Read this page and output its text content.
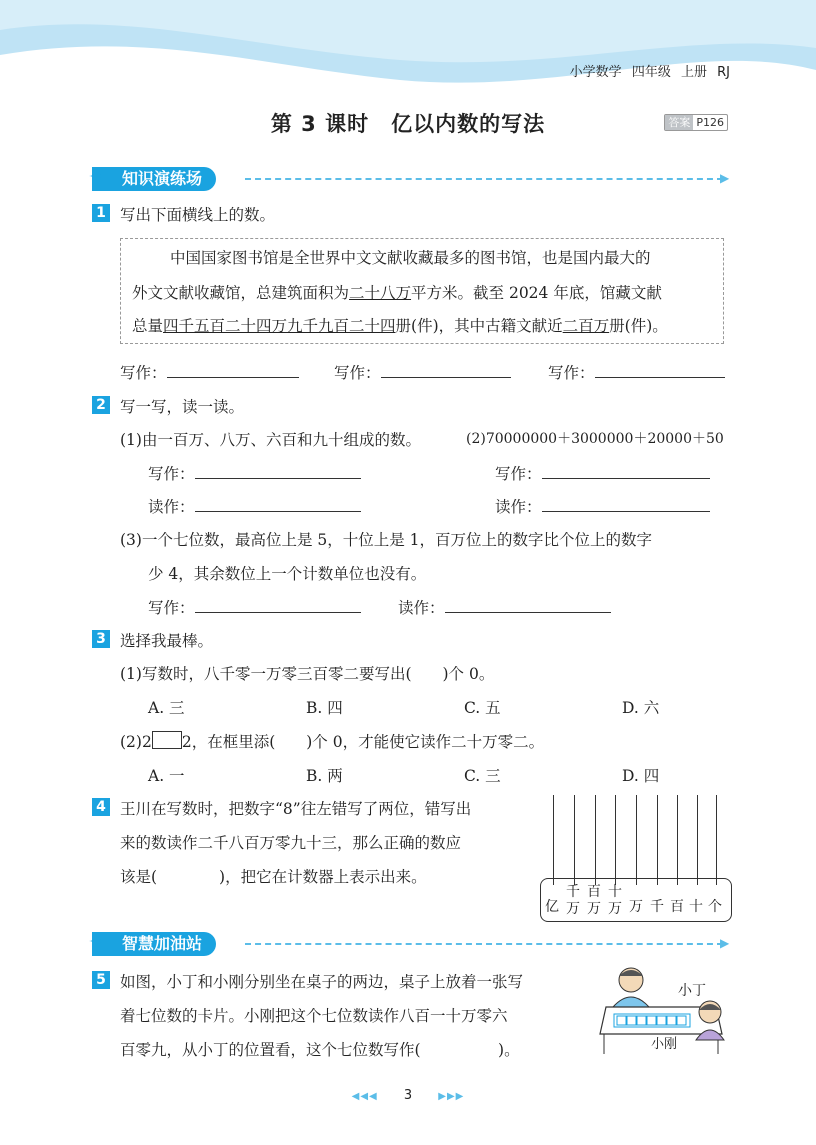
小学数学 四年级 上册 RJ
第 3 课时　亿以内数的写法	答案 P126
✦ 知识演练场	▶
1 写出下面横线上的数。
中国国家图书馆是全世界中文文献收藏最多的图书馆，也是国内最大的
外文文献收藏馆，总建筑面积为二十八万平方米。截至 2024 年底，馆藏文献
总量四千五百二十四万九千九百二十四册(件)，其中古籍文献近二百万册(件)。
写作：	写作：	写作：
2 写一写，读一读。
(1)由一百万、八万、六百和九十组成的数。	(2)70000000＋3000000＋20000＋50
写作：	写作：
读作：	读作：
(3)一个七位数，最高位上是 5，十位上是 1，百万位上的数字比个位上的数字
少 4，其余数位上一个计数单位也没有。
写作：	读作：
3 选择我最棒。
(1)写数时，八千零一万零三百零二要写出(　　)个 0。
A. 三	B. 四	C. 五	D. 六
(2)2 2，在框里添(　　)个 0，才能使它读作二十万零二。
A. 一	B. 两	C. 三	D. 四
4 王川在写数时，把数字“8”往左错写了两位，错写出
来的数读作二千八百万零九十三，那么正确的数应
该是(　　　　)，把它在计数器上表示出来。
亿
千万
百万
十万 万 千 百 十 个
✦ 智慧加油站	▶
5 如图，小丁和小刚分别坐在桌子的两边，桌子上放着一张写
着七位数的卡片。小刚把这个七位数读作八百一十万零六
百零九，从小丁的位置看，这个七位数写作(　　　　　)。
小丁
小刚
◀◀◀ 3	▶▶▶
